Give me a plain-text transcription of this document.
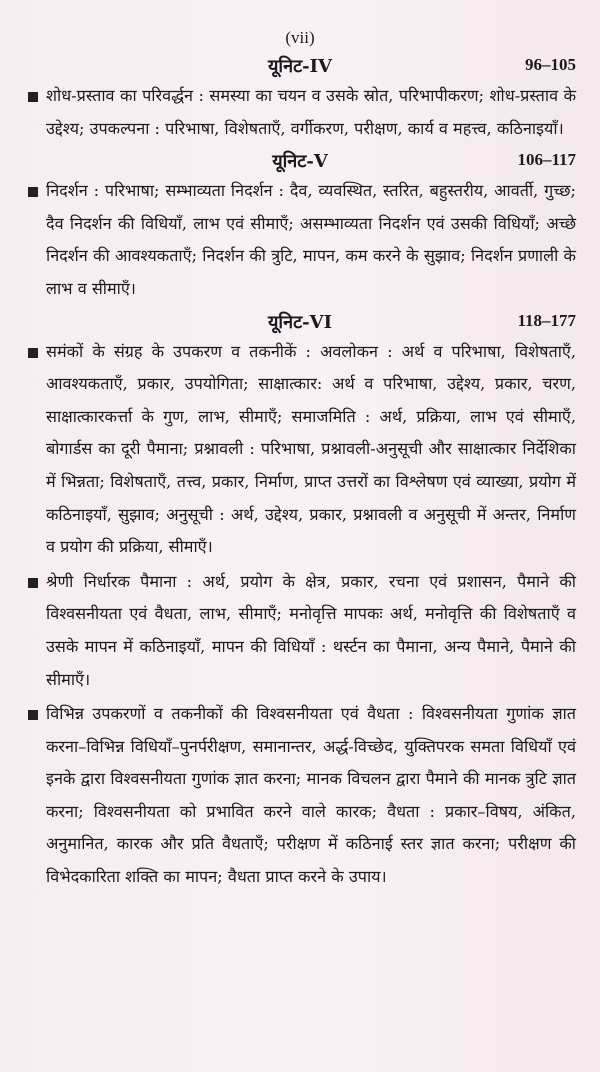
(vii)
यूनिट-IV	96–105
शोध-प्रस्ताव का परिवर्द्धन : समस्या का चयन व उसके स्रोत, परिभापीकरण; शोध-प्रस्ताव के उद्देश्य; उपकल्पना : परिभाषा, विशेषताएँ, वर्गीकरण, परीक्षण, कार्य व महत्त्व, कठिनाइयाँ।
यूनिट-V	106–117
निदर्शन : परिभाषा; सम्भाव्यता निदर्शन : दैव, व्यवस्थित, स्तरित, बहुस्तरीय, आवर्ती, गुच्छ; दैव निदर्शन की विधियाँ, लाभ एवं सीमाएँ; असम्भाव्यता निदर्शन एवं उसकी विधियाँ; अच्छे निदर्शन की आवश्यकताएँ; निदर्शन की त्रुटि, मापन, कम करने के सुझाव; निदर्शन प्रणाली के लाभ व सीमाएँ।
यूनिट-VI	118–177
समंकों के संग्रह के उपकरण व तकनीकें : अवलोकन : अर्थ व परिभाषा, विशेषताएँ, आवश्यकताएँ, प्रकार, उपयोगिता; साक्षात्कार: अर्थ व परिभाषा, उद्देश्य, प्रकार, चरण, साक्षात्कारकर्त्ता के गुण, लाभ, सीमाएँ; समाजमिति : अर्थ, प्रक्रिया, लाभ एवं सीमाएँ, बोगार्डस का दूरी पैमाना; प्रश्नावली : परिभाषा, प्रश्नावली-अनुसूची और साक्षात्कार निर्देशिका में भिन्नता; विशेषताएँ, तत्त्व, प्रकार, निर्माण, प्राप्त उत्तरों का विश्लेषण एवं व्याख्या, प्रयोग में कठिनाइयाँ, सुझाव; अनुसूची : अर्थ, उद्देश्य, प्रकार, प्रश्नावली व अनुसूची में अन्तर, निर्माण व प्रयोग की प्रक्रिया, सीमाएँ।
श्रेणी निर्धारक पैमाना : अर्थ, प्रयोग के क्षेत्र, प्रकार, रचना एवं प्रशासन, पैमाने की विश्वसनीयता एवं वैधता, लाभ, सीमाएँ; मनोवृत्ति मापकः अर्थ, मनोवृत्ति की विशेषताएँ व उसके मापन में कठिनाइयाँ, मापन की विधियाँ : थर्स्टन का पैमाना, अन्य पैमाने, पैमाने की सीमाएँ।
विभिन्न उपकरणों व तकनीकों की विश्वसनीयता एवं वैधता : विश्वसनीयता गुणांक ज्ञात करना–विभिन्न विधियाँ–पुनर्परीक्षण, समानान्तर, अर्द्ध-विच्छेद, युक्तिपरक समता विधियाँ एवं इनके द्वारा विश्वसनीयता गुणांक ज्ञात करना; मानक विचलन द्वारा पैमाने की मानक त्रुटि ज्ञात करना; विश्वसनीयता को प्रभावित करने वाले कारक; वैधता : प्रकार–विषय, अंकित, अनुमानित, कारक और प्रति वैधताएँ; परीक्षण में कठिनाई स्तर ज्ञात करना; परीक्षण की विभेदकारिता शक्ति का मापन; वैधता प्राप्त करने के उपाय।
